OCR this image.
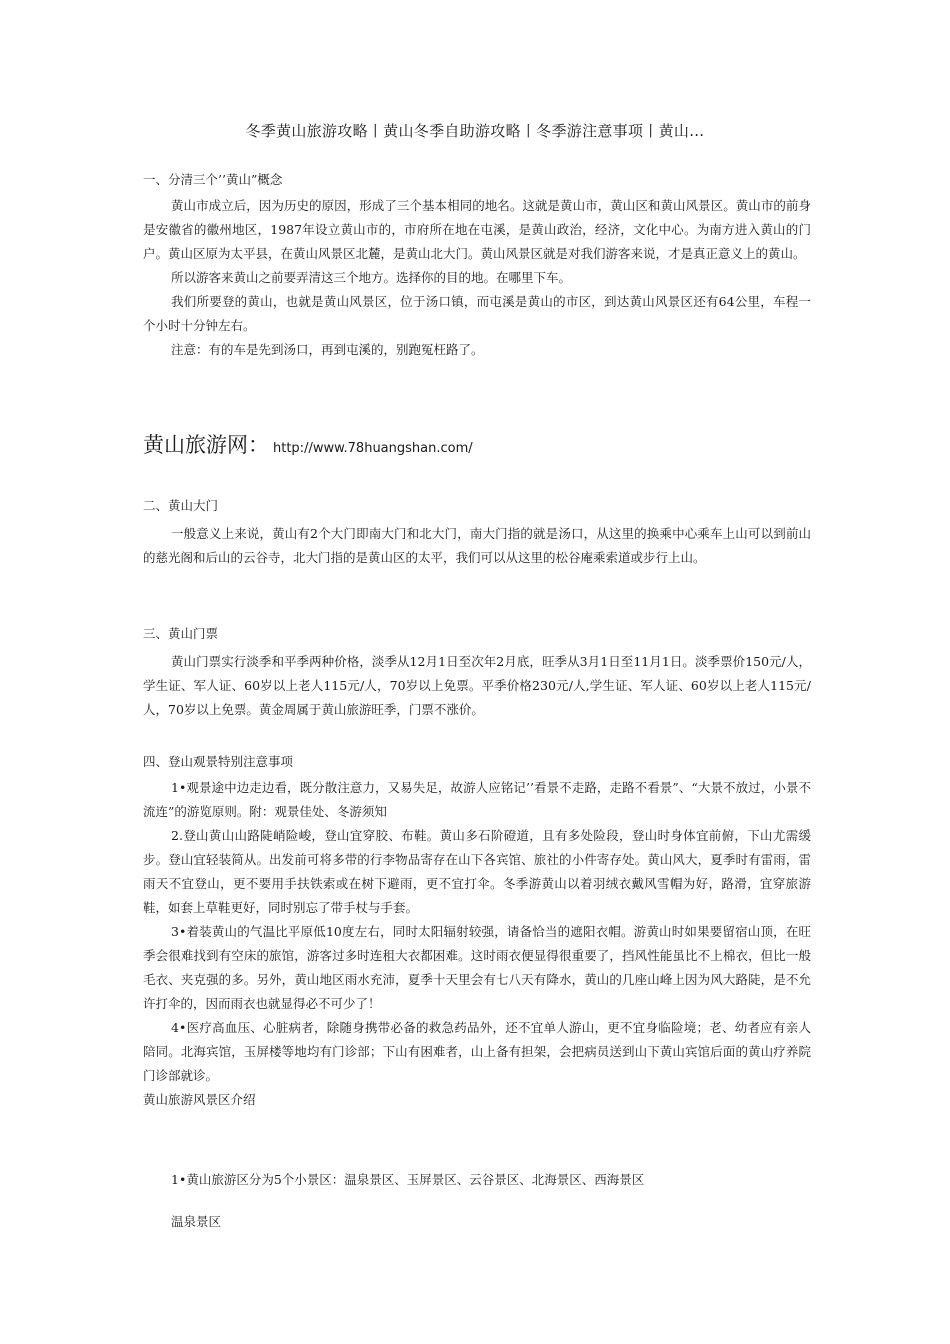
冬季黄山旅游攻略丨黄山冬季自助游攻略丨冬季游注意事项丨黄山…
一、分清三个’’黄山”概念

黄山市成立后，因为历史的原因，形成了三个基本相同的地名。这就是黄山市，黄山区和黄山风景区。黄山市的前身是安徽省的徽州地区，1987年设立黄山市的，市府所在地在屯溪，是黄山政治，经济，文化中心。为南方进入黄山的门户。黄山区原为太平县，在黄山风景区北麓，是黄山北大门。黄山风景区就是对我们游客来说，才是真正意义上的黄山。

所以游客来黄山之前要弄清这三个地方。选择你的目的地。在哪里下车。

我们所要登的黄山，也就是黄山风景区，位于汤口镇，而屯溪是黄山的市区，到达黄山风景区还有64公里，车程一个小时十分钟左右。

注意：有的车是先到汤口，再到屯溪的，别跑冤枉路了。

黄山旅游网： http://www.78huangshan.com/
二、黄山大门

一般意义上来说，黄山有2个大门即南大门和北大门，南大门指的就是汤口，从这里的换乘中心乘车上山可以到前山的慈光阁和后山的云谷寺，北大门指的是黄山区的太平，我们可以从这里的松谷庵乘索道或步行上山。

三、黄山门票

黄山门票实行淡季和平季两种价格，淡季从12月1日至次年2月底，旺季从3月1日至11月1日。淡季票价150元/人，学生证、军人证、60岁以上老人115元/人，70岁以上免票。平季价格230元/人,学生证、军人证、60岁以上老人115元/人，70岁以上免票。黄金周属于黄山旅游旺季，门票不涨价。

四、登山观景特别注意事项

1•观景途中边走边看，既分散注意力，又易失足，故游人应铭记’’看景不走路，走路不看景”、“大景不放过，小景不流连”的游览原则。附：观景佳处、冬游须知

2.登山黄山山路陡峭险峻，登山宜穿胶、布鞋。黄山多石阶磴道，且有多处险段，登山时身体宜前俯，下山尤需缓步。登山宜轻装简从。出发前可将多带的行李物品寄存在山下各宾馆、旅社的小件寄存处。黄山风大，夏季时有雷雨，雷雨天不宜登山，更不要用手扶铁索或在树下避雨，更不宜打伞。冬季游黄山以着羽绒衣戴风雪帽为好，路滑，宜穿旅游鞋，如套上草鞋更好，同时别忘了带手杖与手套。

3•着装黄山的气温比平原低10度左右，同时太阳辐射较强，请备恰当的遮阳衣帽。游黄山时如果要留宿山顶，在旺季会很难找到有空床的旅馆，游客过多时连租大衣都困难。这时雨衣便显得很重要了，挡风性能虽比不上棉衣，但比一般毛衣、夹克强的多。另外，黄山地区雨水充沛，夏季十天里会有七八天有降水，黄山的几座山峰上因为风大路陡，是不允许打伞的，因而雨衣也就显得必不可少了！

4•医疗高血压、心脏病者，除随身携带必备的救急药品外，还不宜单人游山，更不宜身临险境；老、幼者应有亲人陪同。北海宾馆，玉屏楼等地均有门诊部；下山有困难者，山上备有担架，会把病员送到山下黄山宾馆后面的黄山疗养院门诊部就诊。

黄山旅游风景区介绍

1•黄山旅游区分为5个小景区：温泉景区、玉屏景区、云谷景区、北海景区、西海景区

温泉景区
